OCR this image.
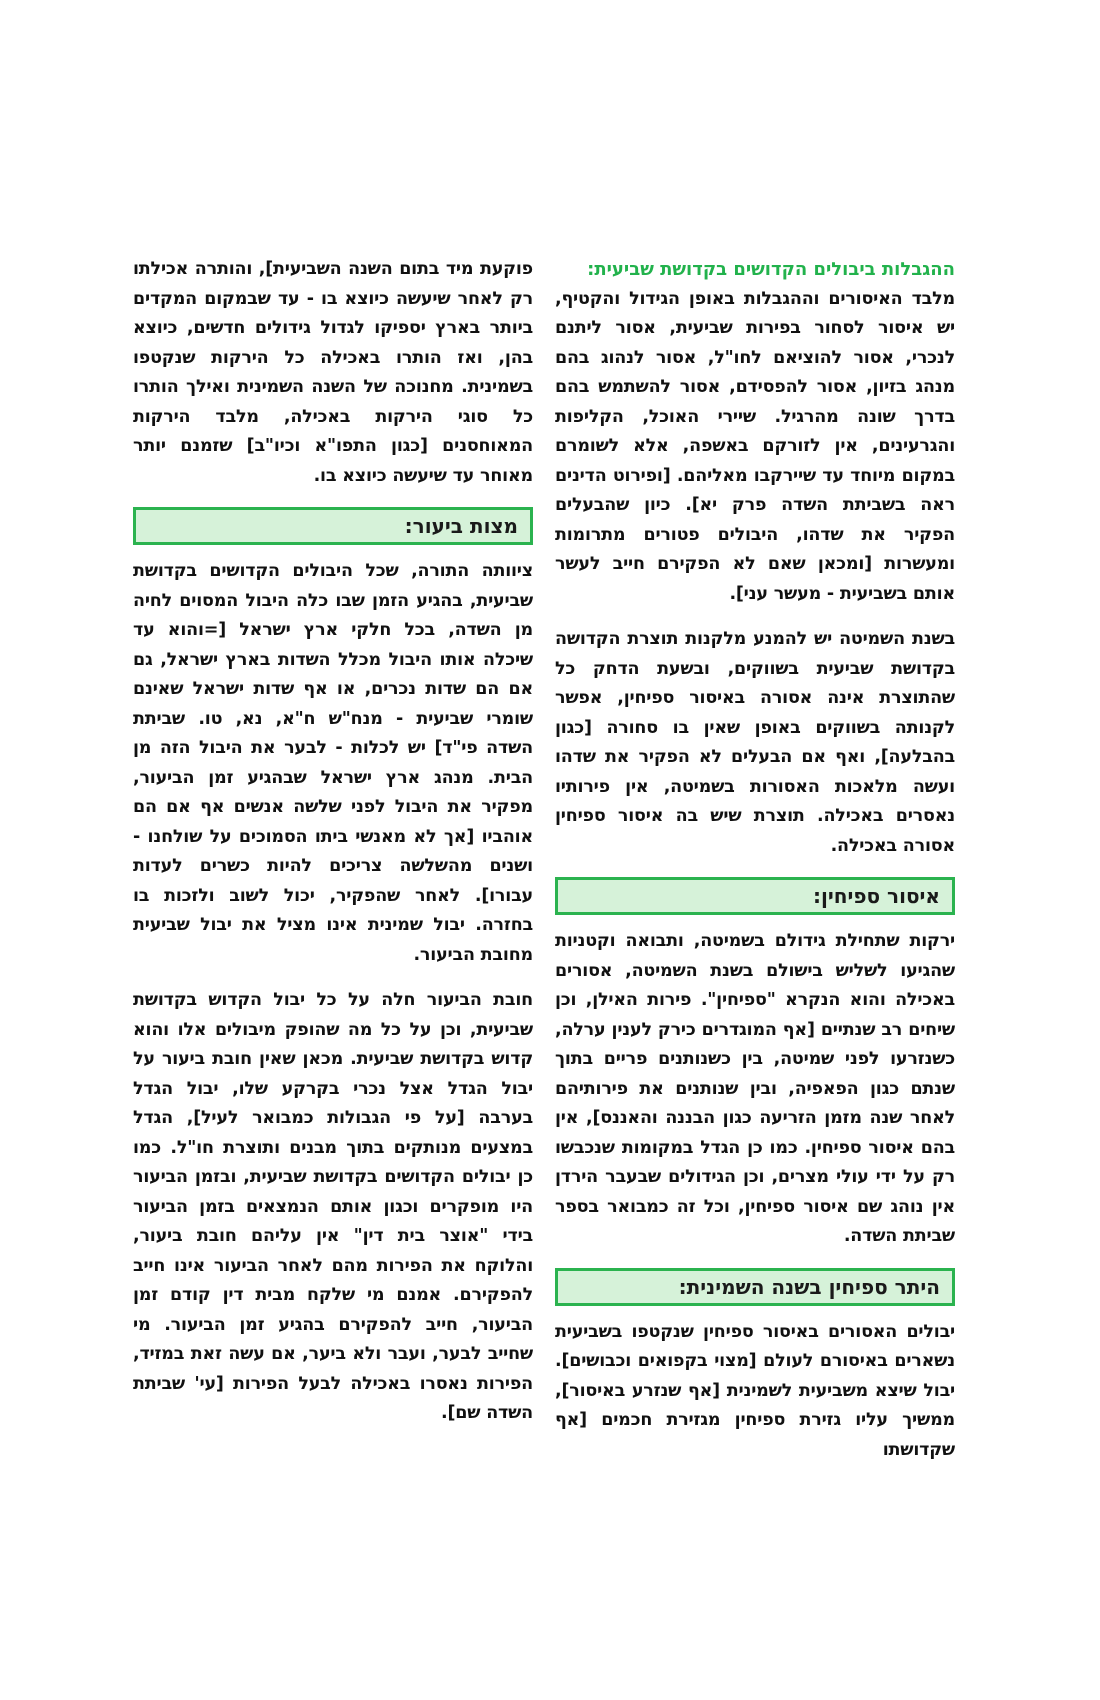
ההגבלות ביבולים הקדושים בקדושת שביעית:

מלבד האיסורים וההגבלות באופן הגידול והקטיף, יש איסור לסחור בפירות שביעית, אסור ליתנם לנכרי, אסור להוציאם לחו"ל, אסור לנהוג בהם מנהג בזיון, אסור להפסידם, אסור להשתמש בהם בדרך שונה מהרגיל. שיירי האוכל, הקליפות והגרעינים, אין לזורקם באשפה, אלא לשומרם במקום מיוחד עד שיירקבו מאליהם. [ופירוט הדינים ראה בשביתת השדה פרק יא]. כיון שהבעלים הפקיר את שדהו, היבולים פטורים מתרומות ומעשרות [ומכאן שאם לא הפקירם חייב לעשר אותם בשביעית - מעשר עני].

בשנת השמיטה יש להמנע מלקנות תוצרת הקדושה בקדושת שביעית בשווקים, ובשעת הדחק כל שהתוצרת אינה אסורה באיסור ספיחין, אפשר לקנותה בשווקים באופן שאין בו סחורה [כגון בהבלעה], ואף אם הבעלים לא הפקיר את שדהו ועשה מלאכות האסורות בשמיטה, אין פירותיו נאסרים באכילה. תוצרת שיש בה איסור ספיחין אסורה באכילה.

איסור ספיחין:

ירקות שתחילת גידולם בשמיטה, ותבואה וקטניות שהגיעו לשליש בישולם בשנת השמיטה, אסורים באכילה והוא הנקרא "ספיחין". פירות האילן, וכן שיחים רב שנתיים [אף המוגדרים כירק לענין ערלה, כשנזרעו לפני שמיטה, בין כשנותנים פריים בתוך שנתם כגון הפאפיה, ובין שנותנים את פירותיהם לאחר שנה מזמן הזריעה כגון הבננה והאננס], אין בהם איסור ספיחין. כמו כן הגדל במקומות שנכבשו רק על ידי עולי מצרים, וכן הגידולים שבעבר הירדן אין נוהג שם איסור ספיחין, וכל זה כמבואר בספר שביתת השדה.

היתר ספיחין בשנה השמינית:

יבולים האסורים באיסור ספיחין שנקטפו בשביעית נשארים באיסורם לעולם [מצוי בקפואים וכבושים]. יבול שיצא משביעית לשמינית [אף שנזרע באיסור], ממשיך עליו גזירת ספיחין מגזירת חכמים [אף שקדושתו

פוקעת מיד בתום השנה השביעית], והותרה אכילתו רק לאחר שיעשה כיוצא בו - עד שבמקום המקדים ביותר בארץ יספיקו לגדול גידולים חדשים, כיוצא בהן, ואז הותרו באכילה כל הירקות שנקטפו בשמינית. מחנוכה של השנה השמינית ואילך הותרו כל סוגי הירקות באכילה, מלבד הירקות המאוחסנים [כגון התפו"א וכיו"ב] שזמנם יותר מאוחר עד שיעשה כיוצא בו.

מצות ביעור:

ציוותה התורה, שכל היבולים הקדושים בקדושת שביעית, בהגיע הזמן שבו כלה היבול המסוים לחיה מן השדה, בכל חלקי ארץ ישראל [=והוא עד שיכלה אותו היבול מכלל השדות בארץ ישראל, גם אם הם שדות נכרים, או אף שדות ישראל שאינם שומרי שביעית - מנח"ש ח"א, נא, טו. שביתת השדה פי"ד] יש לכלות - לבער את היבול הזה מן הבית. מנהג ארץ ישראל שבהגיע זמן הביעור, מפקיר את היבול לפני שלשה אנשים אף אם הם אוהביו [אך לא מאנשי ביתו הסמוכים על שולחנו - ושנים מהשלשה צריכים להיות כשרים לעדות עבורו]. לאחר שהפקיר, יכול לשוב ולזכות בו בחזרה. יבול שמינית אינו מציל את יבול שביעית מחובת הביעור.

חובת הביעור חלה על כל יבול הקדוש בקדושת שביעית, וכן על כל מה שהופק מיבולים אלו והוא קדוש בקדושת שביעית. מכאן שאין חובת ביעור על יבול הגדל אצל נכרי בקרקע שלו, יבול הגדל בערבה [על פי הגבולות כמבואר לעיל], הגדל במצעים מנותקים בתוך מבנים ותוצרת חו"ל. כמו כן יבולים הקדושים בקדושת שביעית, ובזמן הביעור היו מופקרים וכגון אותם הנמצאים בזמן הביעור בידי "אוצר בית דין" אין עליהם חובת ביעור, והלוקח את הפירות מהם לאחר הביעור אינו חייב להפקירם. אמנם מי שלקח מבית דין קודם זמן הביעור, חייב להפקירם בהגיע זמן הביעור. מי שחייב לבער, ועבר ולא ביער, אם עשה זאת במזיד, הפירות נאסרו באכילה לבעל הפירות [עי' שביתת השדה שם].
